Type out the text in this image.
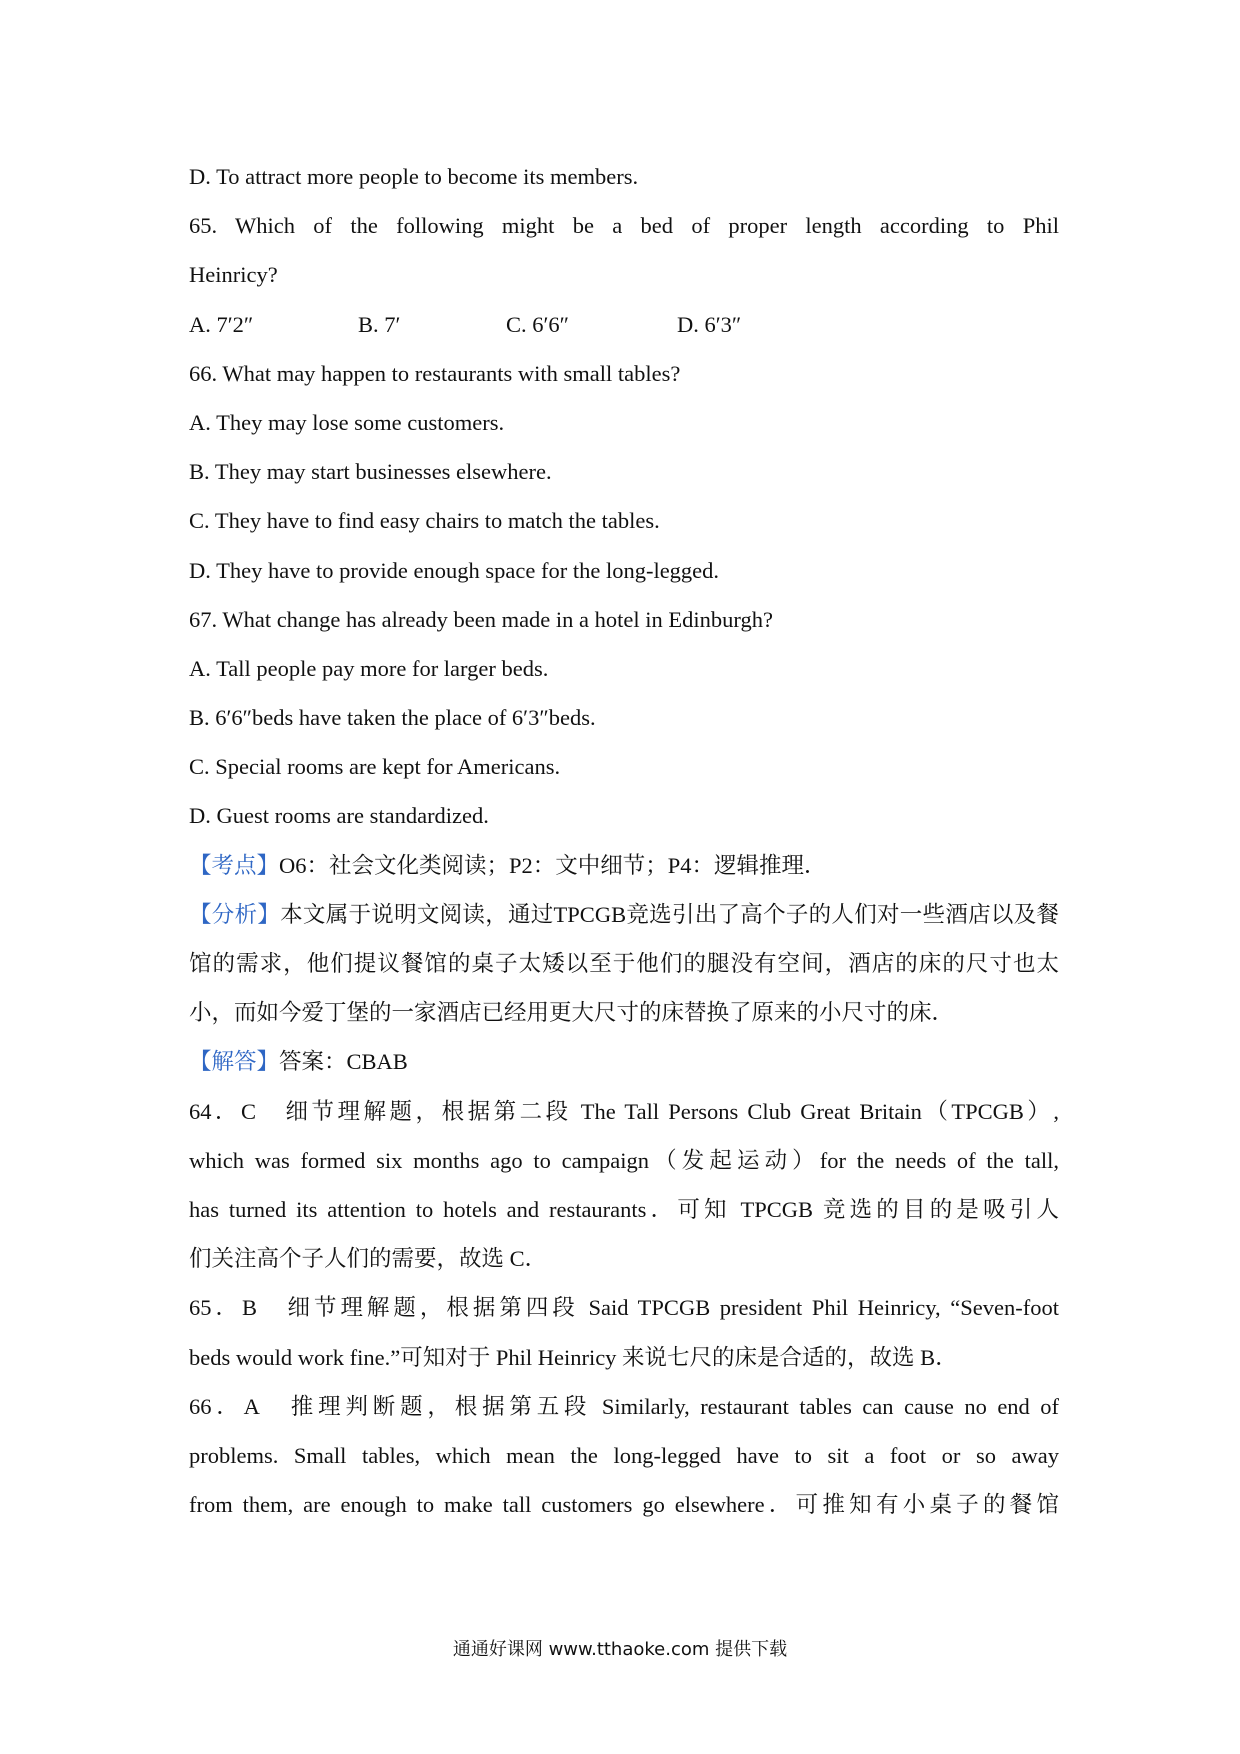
D. To attract more people to become its members.
65. Which of the following might be a bed of proper length according to Phil
Heinricy?
A. 7′2″	B. 7′	C. 6′6″	D. 6′3″
66. What may happen to restaurants with small tables?
A. They may lose some customers.
B. They may start businesses elsewhere.
C. They have to find easy chairs to match the tables.
D. They have to provide enough space for the long-legged.
67. What change has already been made in a hotel in Edinburgh?
A. Tall people pay more for larger beds.
B. 6′6″beds have taken the place of 6′3″beds.
C. Special rooms are kept for Americans.
D. Guest rooms are standardized.
【考点】O6：社会文化类阅读；P2：文中细节；P4：逻辑推理．
【分析】本文属于说明文阅读，通过TPCGB竞选引出了高个子的人们对一些酒店以及餐馆的需求，他们提议餐馆的桌子太矮以至于他们的腿没有空间，酒店的床的尺寸也太小，而如今爱丁堡的一家酒店已经用更大尺寸的床替换了原来的小尺寸的床．
【解答】答案：CBAB
64．C　细节理解题，根据第二段 The Tall Persons Club Great Britain（TPCGB）,
which was formed six months ago to campaign（发起运动）for the needs of the tall,
has turned its attention to hotels and restaurants．可知 TPCGB 竞选的目的是吸引人
们关注高个子人们的需要，故选 C．
65．B　细节理解题，根据第四段 Said TPCGB president Phil Heinricy, “Seven-foot
beds would work fine.”可知对于 Phil Heinricy 来说七尺的床是合适的，故选 B．
66．A　推理判断题，根据第五段 Similarly, restaurant tables can cause no end of
problems. Small tables, which mean the long-legged have to sit a foot or so away
from them, are enough to make tall customers go elsewhere．可推知有小桌子的餐馆
通通好课网 www.tthaoke.com 提供下载
